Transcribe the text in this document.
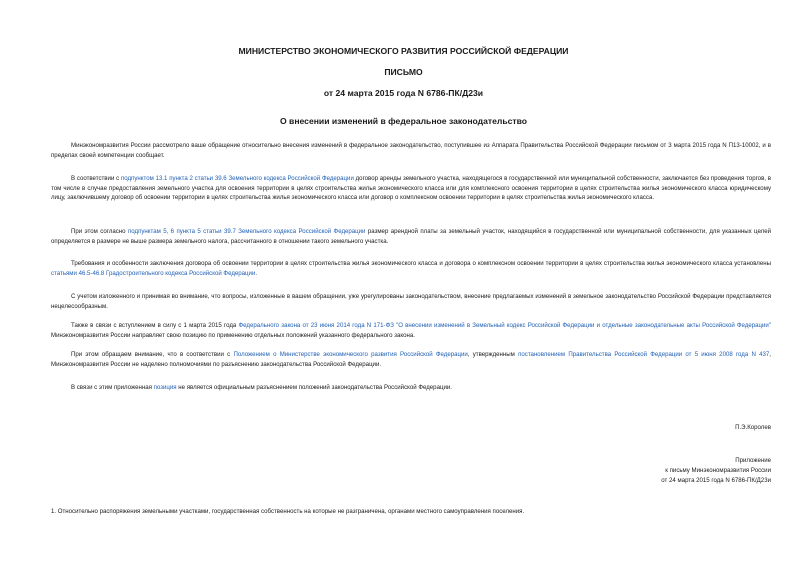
МИНИСТЕРСТВО ЭКОНОМИЧЕСКОГО РАЗВИТИЯ РОССИЙСКОЙ ФЕДЕРАЦИИ
ПИСЬМО
от 24 марта 2015 года N 6786-ПК/Д23и
О внесении изменений в федеральное законодательство

Минэкономразвития России рассмотрело ваше обращение относительно внесения изменений в федеральное законодательство, поступившее из Аппарата Правительства Российской Федерации письмом от 3 марта 2015 года N П13-10002, и в пределах своей компетенции сообщает.

В соответствии с подпунктом 13.1 пункта 2 статьи 39.6 Земельного кодекса Российской Федерации договор аренды земельного участка, находящегося в государственной или муниципальной собственности, заключается без проведения торгов, в том числе в случае предоставления земельного участка для освоения территории в целях строительства жилья экономического класса или для комплексного освоения территории в целях строительства жилья экономического класса юридическому лицу, заключившему договор об освоении территории в целях строительства жилья экономического класса или договор о комплексном освоении территории в целях строительства жилья экономического класса.

При этом согласно подпунктам 5, 6 пункта 5 статьи 39.7 Земельного кодекса Российской Федерации размер арендной платы за земельный участок, находящийся в государственной или муниципальной собственности, для указанных целей определяется в размере не выше размера земельного налога, рассчитанного в отношении такого земельного участка.

Требования и особенности заключения договора об освоении территории в целях строительства жилья экономического класса и договора о комплексном освоении территории в целях строительства жилья экономического класса установлены статьями 46.5-46.8 Градостроительного кодекса Российской Федерации.

С учетом изложенного и принимая во внимание, что вопросы, изложенные в вашем обращении, уже урегулированы законодательством, внесение предлагаемых изменений в земельное законодательство Российской Федерации представляется нецелесообразным.

Также в связи с вступлением в силу с 1 марта 2015 года Федерального закона от 23 июня 2014 года N 171-ФЗ "О внесении изменений в Земельный кодекс Российской Федерации и отдельные законодательные акты Российской Федерации" Минэкономразвития России направляет свою позицию по применению отдельных положений указанного федерального закона.

При этом обращаем внимание, что в соответствии с Положением о Министерстве экономического развития Российской Федерации, утвержденным постановлением Правительства Российской Федерации от 5 июня 2008 года N 437, Минэкономразвития России не наделено полномочиями по разъяснению законодательства Российской Федерации.

В связи с этим приложенная позиция не является официальным разъяснением положений законодательства Российской Федерации.

П.Э.Королев
Приложение
к письму Минэкономразвития России
от 24 марта 2015 года N 6786-ПК/Д23и
1. Относительно распоряжения земельными участками, государственная собственность на которые не разграничена, органами местного самоуправления поселения.
